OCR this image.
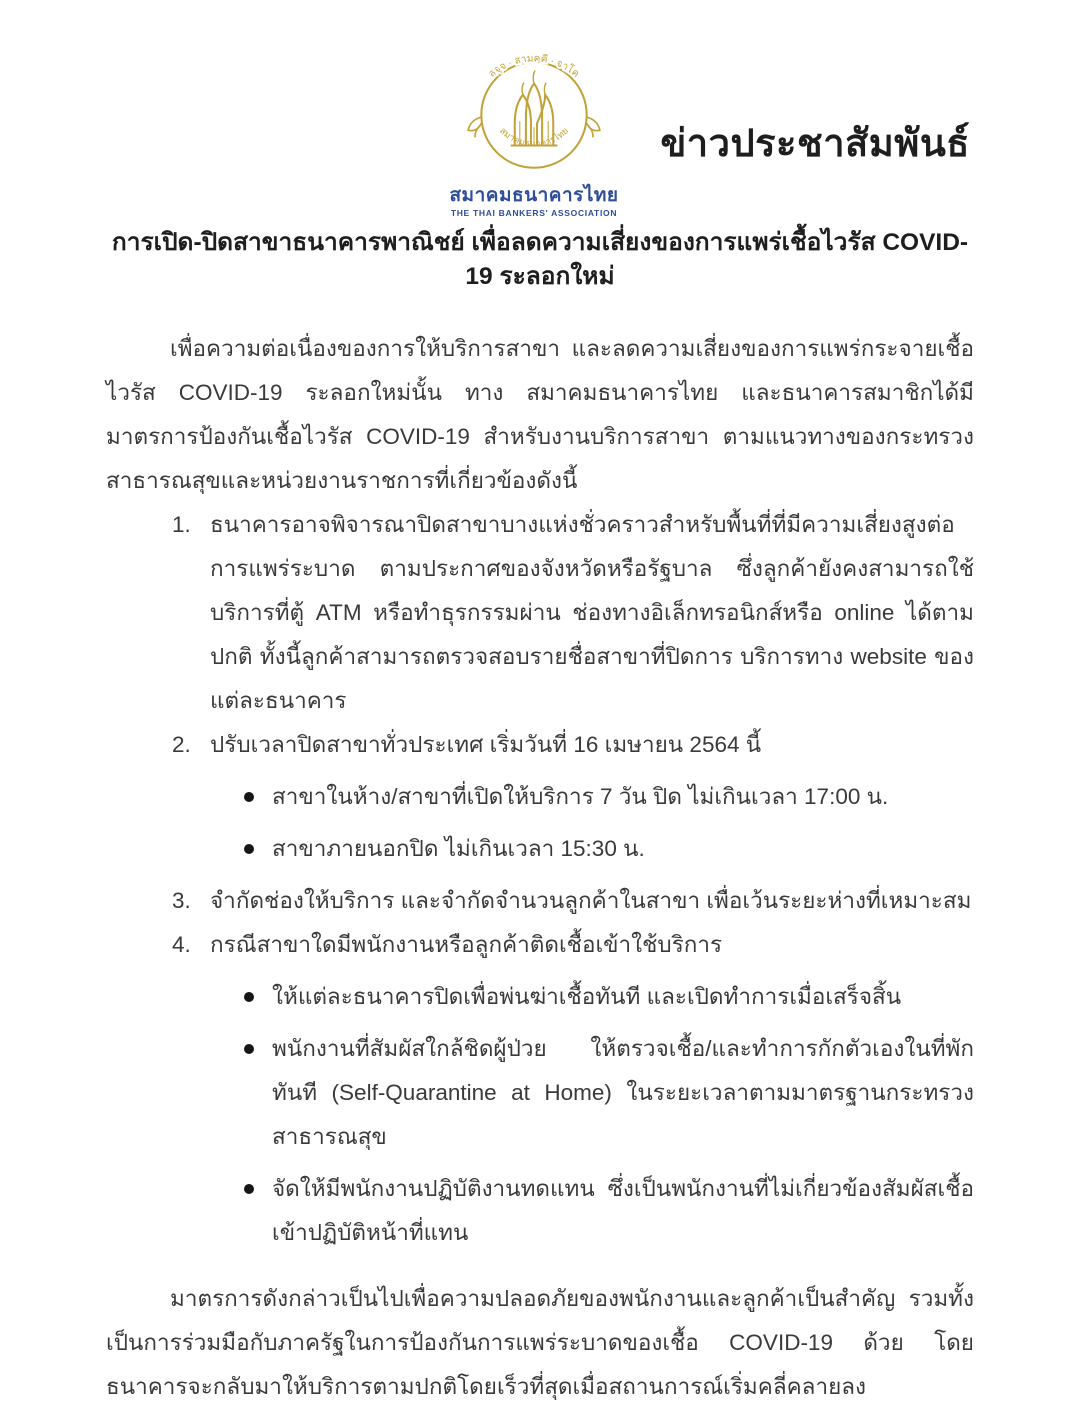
สจฺจ · สามคฺคี · จาโค
สมาคมธนาคารไทย
สมาคมธนาคารไทย
THE THAI BANKERS' ASSOCIATION
ข่าวประชาสัมพันธ์
การเปิด-ปิดสาขาธนาคารพาณิชย์ เพื่อลดความเสี่ยงของการแพร่เชื้อไวรัส COVID-19 ระลอกใหม่

เพื่อความต่อเนื่องของการให้บริการสาขา และลดความเสี่ยงของการแพร่กระจายเชื้อไวรัส COVID-19 ระลอกใหม่นั้น ทาง สมาคมธนาคารไทย และธนาคารสมาชิกได้มีมาตรการป้องกันเชื้อไวรัส COVID-19 สำหรับงานบริการสาขา ตามแนวทางของกระทรวงสาธารณสุขและหน่วยงานราชการที่เกี่ยวข้องดังนี้

1. ธนาคารอาจพิจารณาปิดสาขาบางแห่งชั่วคราวสำหรับพื้นที่ที่มีความเสี่ยงสูงต่อการแพร่ระบาด ตามประกาศของจังหวัดหรือรัฐบาล ซึ่งลูกค้ายังคงสามารถใช้บริการที่ตู้ ATM หรือทำธุรกรรมผ่าน ช่องทางอิเล็กทรอนิกส์หรือ online ได้ตามปกติ ทั้งนี้ลูกค้าสามารถตรวจสอบรายชื่อสาขาที่ปิดการ บริการทาง website ของแต่ละธนาคาร
2. ปรับเวลาปิดสาขาทั่วประเทศ เริ่มวันที่ 16 เมษายน 2564 นี้
สาขาในห้าง/สาขาที่เปิดให้บริการ 7 วัน ปิด ไม่เกินเวลา 17:00 น.
สาขาภายนอกปิด ไม่เกินเวลา 15:30 น.
3. จำกัดช่องให้บริการ และจำกัดจำนวนลูกค้าในสาขา เพื่อเว้นระยะห่างที่เหมาะสม
4. กรณีสาขาใดมีพนักงานหรือลูกค้าติดเชื้อเข้าใช้บริการ
ให้แต่ละธนาคารปิดเพื่อพ่นฆ่าเชื้อทันที และเปิดทำการเมื่อเสร็จสิ้น
พนักงานที่สัมผัสใกล้ชิดผู้ป่วย ให้ตรวจเชื้อ/และทำการกักตัวเองในที่พักทันที (Self-Quarantine at Home) ในระยะเวลาตามมาตรฐานกระทรวงสาธารณสุข
จัดให้มีพนักงานปฏิบัติงานทดแทน ซึ่งเป็นพนักงานที่ไม่เกี่ยวข้องสัมผัสเชื้อ เข้าปฏิบัติหน้าที่แทน

มาตรการดังกล่าวเป็นไปเพื่อความปลอดภัยของพนักงานและลูกค้าเป็นสำคัญ รวมทั้งเป็นการร่วมมือกับภาครัฐในการป้องกันการแพร่ระบาดของเชื้อ COVID-19 ด้วย โดยธนาคารจะกลับมาให้บริการตามปกติโดยเร็วที่สุดเมื่อสถานการณ์เริ่มคลี่คลายลง
